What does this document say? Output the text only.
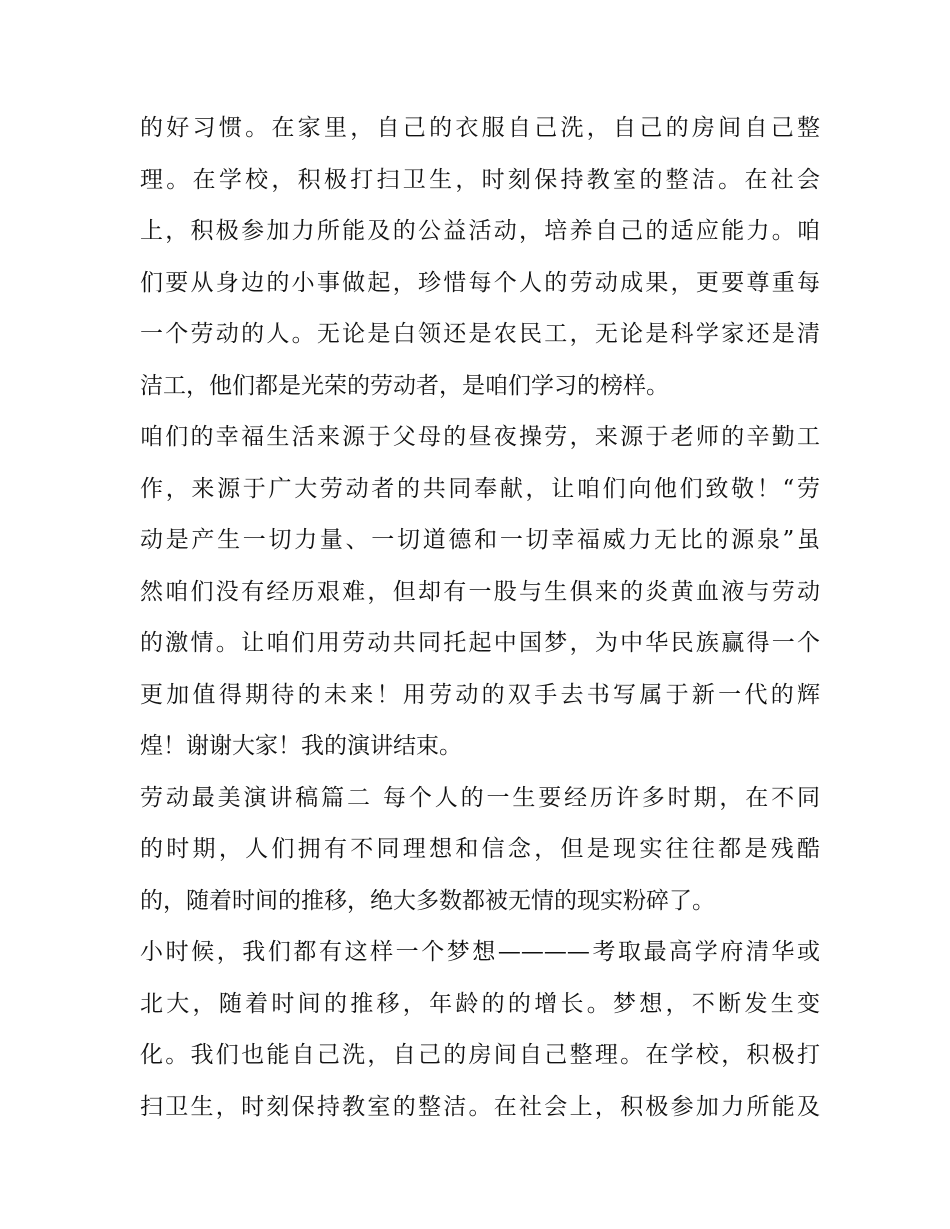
的好习惯。在家里，自己的衣服自己洗，自己的房间自己整
理。在学校，积极打扫卫生，时刻保持教室的整洁。在社会
上，积极参加力所能及的公益活动，培养自己的适应能力。咱
们要从身边的小事做起，珍惜每个人的劳动成果，更要尊重每
一个劳动的人。无论是白领还是农民工，无论是科学家还是清
洁工，他们都是光荣的劳动者，是咱们学习的榜样。
咱们的幸福生活来源于父母的昼夜操劳，来源于老师的辛勤工
作，来源于广大劳动者的共同奉献，让咱们向他们致敬！“劳
动是产生一切力量、一切道德和一切幸福威力无比的源泉”虽
然咱们没有经历艰难，但却有一股与生俱来的炎黄血液与劳动
的激情。让咱们用劳动共同托起中国梦，为中华民族赢得一个
更加值得期待的未来！用劳动的双手去书写属于新一代的辉
煌！谢谢大家！我的演讲结束。
劳动最美演讲稿篇二 每个人的一生要经历许多时期，在不同
的时期，人们拥有不同理想和信念，但是现实往往都是残酷
的，随着时间的推移，绝大多数都被无情的现实粉碎了。
小时候，我们都有这样一个梦想————考取最高学府清华或
北大，随着时间的推移，年龄的的增长。梦想，不断发生变
化。我们也能自己洗，自己的房间自己整理。在学校，积极打
扫卫生，时刻保持教室的整洁。在社会上，积极参加力所能及
